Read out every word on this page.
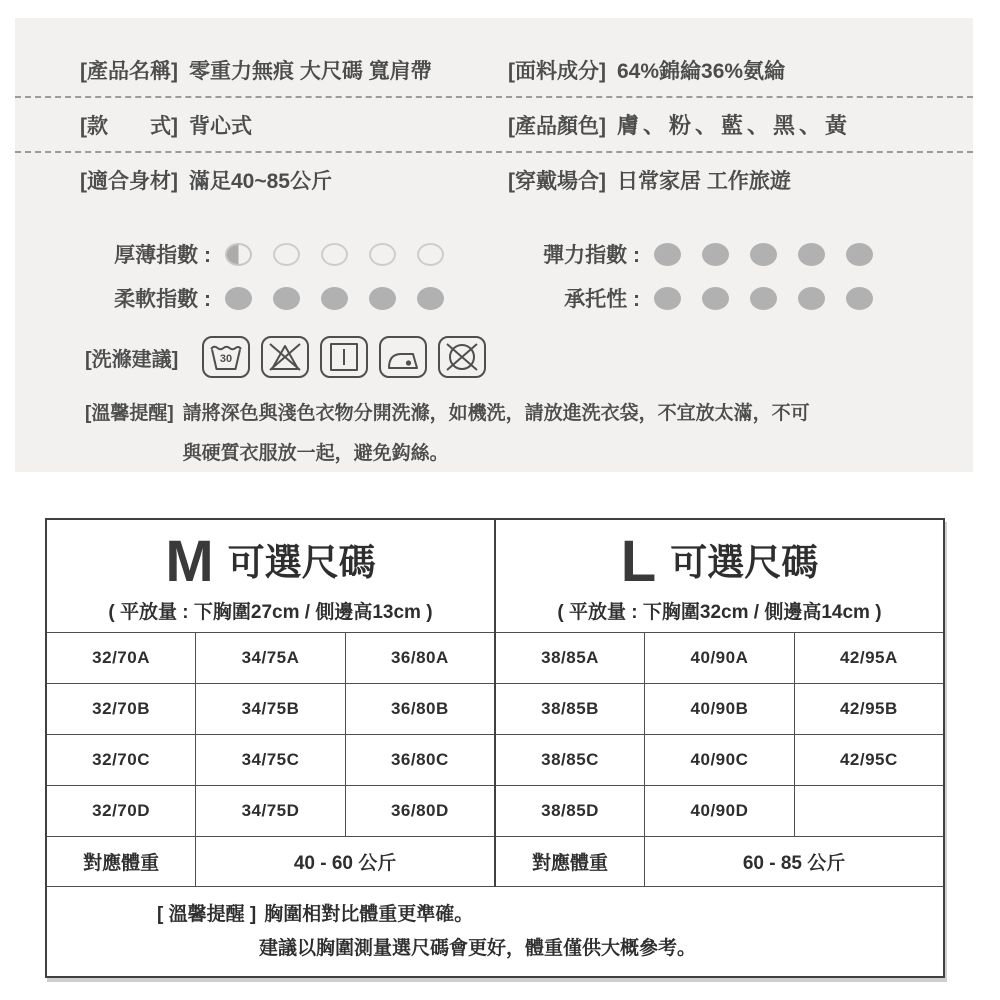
[產品名稱] 零重力無痕 大尺碼 寬肩帶	[面料成分] 64%錦綸36%氨綸
[款　　式] 背心式	[產品顏色] 膚、粉、藍、黑、黃
[適合身材] 滿足40~85公斤	[穿戴場合] 日常家居 工作旅遊
厚薄指數 :	彈力指數 :
柔軟指數 :	承托性 :
[洗滌建議]	30
[溫馨提醒] 請將深色與淺色衣物分開洗滌，如機洗，請放進洗衣袋，不宜放太滿，不可
與硬質衣服放一起，避免鈎絲。
M可選尺碼
( 平放量 : 下胸圍27cm / 側邊高13cm )

L可選尺碼
( 平放量 : 下胸圍32cm / 側邊高14cm )

32/70A	34/75A	36/80A	38/85A	40/90A	42/95A
32/70B	34/75B	36/80B	38/85B	40/90B	42/95B
32/70C	34/75C	36/80C	38/85C	40/90C	42/95C
32/70D	34/75D	36/80D	38/85D	40/90D	
對應體重	40 - 60 公斤		對應體重	60 - 85 公斤	

[ 溫馨提醒 ] 胸圍相對比體重更準確。
建議以胸圍測量選尺碼會更好，體重僅供大概參考。					
